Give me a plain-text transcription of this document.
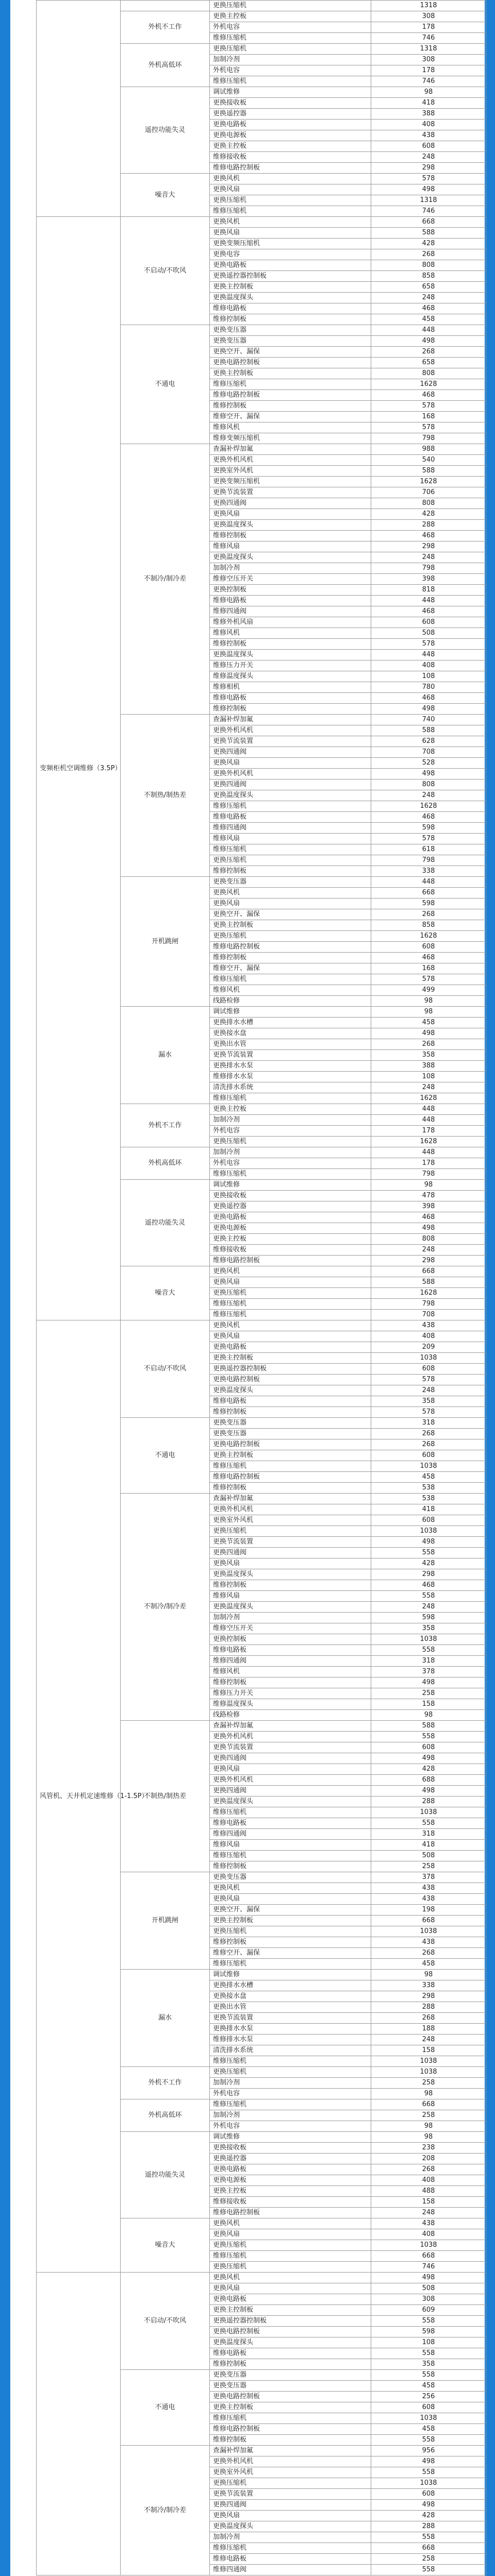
		更换压缩机	1318
	外机不工作	更换主控板	308
		外机电容	178
		维修压缩机	746
	外机高低环	更换压缩机	1318
		加制冷剂	308
		外机电容	178
		维修压缩机	746
	遥控功能失灵	调试维修	98
		更换接收板	418
		更换遥控器	388
		更换电路板	408
		更换电源板	438
		更换主控板	608
		维修接收板	248
		维修电路控制板	298
	噪音大	更换风机	578
		更换风扇	498
		更换压缩机	1318
		维修压缩机	746
变频柜机空调维修（3.5P）	不启动/不吹风	更换风机	668
		更换风扇	588
		更换变频压缩机	428
		更换电容	268
		更换电路板	808
		更换遥控器控制板	858
		更换主控制板	658
		更换温度探头	248
		维修电路板	468
		维修控制板	458
	不通电	更换变压器	448
		更换变压器	498
		更换空开、漏保	268
		更换电路控制板	658
		更换主控制板	808
		维修压缩机	1628
		维修电路控制板	468
		维修控制板	578
		维修空开、漏保	168
		维修风机	578
		维修变频压缩机	798
	不制冷/制冷差	查漏补焊加氟	988
		更换外机风机	540
		更换室外风机	588
		更换变频压缩机	1628
		更换节流装置	706
		更换四通阀	808
		更换风扇	428
		更换温度探头	288
		维修控制板	468
		维修风扇	298
		更换温度探头	248
		加制冷剂	798
		维修空压开关	398
		更换控制板	818
		维修电路板	448
		维修四通阀	468
		维修外机风扇	608
		维修风机	508
		维修控制板	578
		更换温度探头	448
		维修压力开关	408
		维修温度探头	108
		维修相机	780
		维修电路板	468
		维修控制板	498
	不制热/制热差	查漏补焊加氟	740
		更换外机风机	588
		更换节流装置	628
		更换四通阀	708
		更换风扇	528
		更换外机风机	498
		更换四通阀	808
		更换温度探头	248
		维修压缩机	1628
		维修电路板	468
		维修四通阀	598
		维修风扇	578
		维修压缩机	618
		更换压缩机	798
		维修控制板	338
	开机跳闸	更换变压器	448
		更换风机	668
		更换风扇	598
		更换空开、漏保	268
		更换主控制板	858
		更换压缩机	1628
		维修电路控制板	608
		维修控制板	468
		维修空开、漏保	168
		维修压缩机	578
		维修风机	499
		线路检修	98
	漏水	调试维修	98
		更换排水水槽	458
		更换接水盘	498
		更换出水管	268
		更换节流装置	358
		更换排水水泵	388
		维修排水水泵	108
		清洗排水系统	248
		维修压缩机	1628
	外机不工作	更换主控板	448
		加制冷剂	448
		外机电容	178
		更换压缩机	1628
	外机高低环	加制冷剂	448
		外机电容	178
		维修压缩机	798
	遥控功能失灵	调试维修	98
		更换接收板	478
		更换遥控器	398
		更换电路板	468
		更换电源板	498
		更换主控板	808
		维修接收板	248
		维修电路控制板	298
	噪音大	更换风机	668
		更换风扇	588
		更换压缩机	1628
		维修压缩机	798
		维修压缩机	708
风管机、天井机定速维修（1-1.5P）	不启动/不吹风	更换风机	438
		更换风扇	408
		更换电路板	209
		更换主控制板	1038
		更换遥控器控制板	608
		更换电路控制板	578
		更换温度探头	248
		维修电路板	358
		维修控制板	578
	不通电	更换变压器	318
		更换变压器	268
		更换电路控制板	268
		更换主控制板	608
		维修压缩机	1038
		维修电路控制板	458
		维修控制板	538
	不制冷/制冷差	查漏补焊加氟	538
		更换外机风机	418
		更换室外风机	608
		更换压缩机	1038
		更换节流装置	498
		更换四通阀	558
		更换风扇	428
		更换温度探头	298
		维修控制板	468
		维修风扇	558
		更换温度探头	248
		加制冷剂	598
		维修空压开关	358
		更换控制板	1038
		维修电路板	558
		维修四通阀	318
		维修风机	378
		维修控制板	498
		维修压力开关	258
		维修温度探头	158
		线路检修	98
	不制热/制热差	查漏补焊加氟	588
		更换外机风机	558
		更换节流装置	608
		更换四通阀	498
		更换风扇	428
		更换外机风机	688
		更换四通阀	498
		更换温度探头	288
		维修压缩机	1038
		维修电路板	558
		维修四通阀	318
		维修风扇	418
		维修压缩机	508
		维修控制板	258
	开机跳闸	更换变压器	378
		更换风机	438
		更换风扇	438
		更换空开、漏保	198
		更换主控制板	668
		更换压缩机	1038
		维修控制板	438
		维修空开、漏保	268
		维修压缩机	458
	漏水	调试维修	98
		更换排水水槽	338
		更换接水盘	298
		更换出水管	288
		更换节流装置	268
		更换排水水泵	188
		维修排水水泵	248
		清洗排水系统	158
		维修压缩机	1038
	外机不工作	更换压缩机	1038
		加制冷剂	258
		外机电容	98
	外机高低环	维修压缩机	668
		加制冷剂	258
		外机电容	98
	遥控功能失灵	调试维修	98
		更换接收板	238
		更换遥控器	208
		更换电路板	268
		更换电源板	408
		更换主控板	488
		维修接收板	158
		维修电路控制板	248
	噪音大	更换风机	438
		更换风扇	408
		更换压缩机	1038
		维修压缩机	668
		更换压缩机	746
	不启动/不吹风	更换风机	498
		更换风扇	508
		更换电路板	308
		更换主控制板	609
		更换遥控器控制板	558
		更换电路控制板	598
		更换温度探头	108
		维修电路板	558
		维修控制板	358
	不通电	更换变压器	558
		更换变压器	458
		更换电路控制板	256
		更换主控制板	608
		维修压缩机	1038
		维修电路控制板	458
		维修控制板	558
	不制冷/制冷差	查漏补焊加氟	956
		更换外机风机	498
		更换室外风机	558
		更换压缩机	1038
		更换节流装置	608
		更换四通阀	498
		更换风扇	428
		更换温度探头	288
		加制冷剂	558
		维修压缩机	668
		维修电路板	258
		维修四通阀	558
